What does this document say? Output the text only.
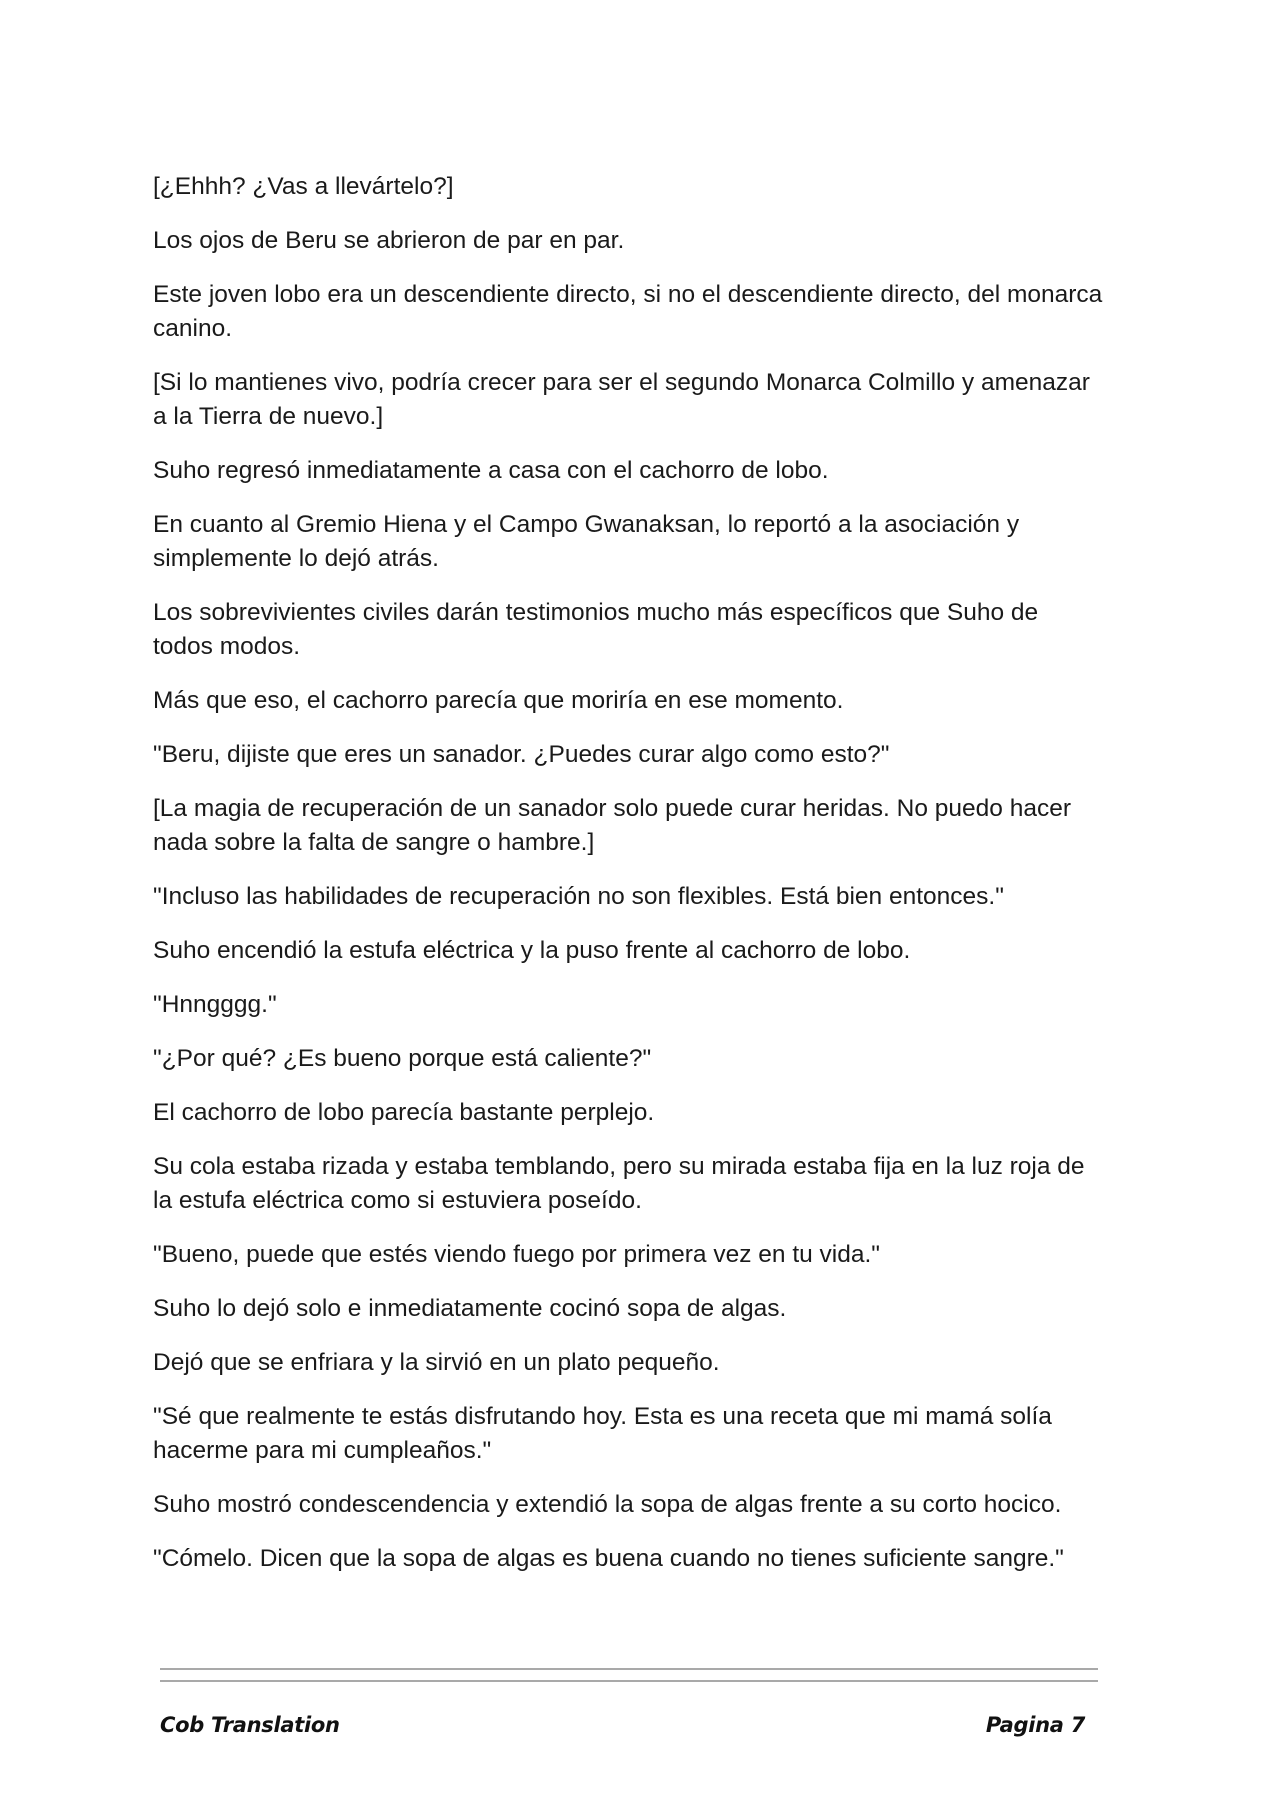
[¿Ehhh? ¿Vas a llevártelo?]

Los ojos de Beru se abrieron de par en par.

Este joven lobo era un descendiente directo, si no el descendiente directo, del monarca canino.

[Si lo mantienes vivo, podría crecer para ser el segundo Monarca Colmillo y amenazar a la Tierra de nuevo.]

Suho regresó inmediatamente a casa con el cachorro de lobo.

En cuanto al Gremio Hiena y el Campo Gwanaksan, lo reportó a la asociación y simplemente lo dejó atrás.

Los sobrevivientes civiles darán testimonios mucho más específicos que Suho de todos modos.

Más que eso, el cachorro parecía que moriría en ese momento.

"Beru, dijiste que eres un sanador. ¿Puedes curar algo como esto?"

[La magia de recuperación de un sanador solo puede curar heridas. No puedo hacer nada sobre la falta de sangre o hambre.]

"Incluso las habilidades de recuperación no son flexibles. Está bien entonces."

Suho encendió la estufa eléctrica y la puso frente al cachorro de lobo.

"Hnngggg."

"¿Por qué? ¿Es bueno porque está caliente?"

El cachorro de lobo parecía bastante perplejo.

Su cola estaba rizada y estaba temblando, pero su mirada estaba fija en la luz roja de la estufa eléctrica como si estuviera poseído.

"Bueno, puede que estés viendo fuego por primera vez en tu vida."

Suho lo dejó solo e inmediatamente cocinó sopa de algas.

Dejó que se enfriara y la sirvió en un plato pequeño.

"Sé que realmente te estás disfrutando hoy. Esta es una receta que mi mamá solía hacerme para mi cumpleaños."

Suho mostró condescendencia y extendió la sopa de algas frente a su corto hocico.

"Cómelo. Dicen que la sopa de algas es buena cuando no tienes suficiente sangre."

Cob Translation	Pagina 7
